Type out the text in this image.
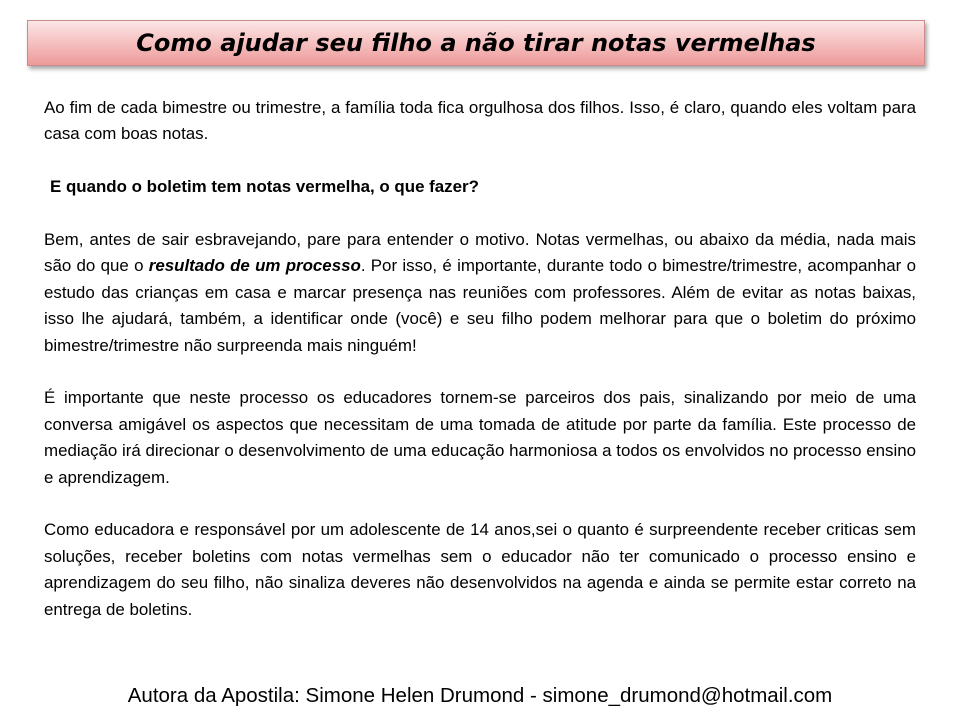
Como ajudar seu filho a não tirar notas vermelhas

Ao fim de cada bimestre ou trimestre, a família toda fica orgulhosa dos filhos. Isso, é claro, quando eles voltam para casa com boas notas.

E quando o boletim tem notas vermelha, o que fazer?

Bem, antes de sair esbravejando, pare para entender o motivo. Notas vermelhas, ou abaixo da média, nada mais são do que o resultado de um processo. Por isso, é importante, durante todo o bimestre/trimestre, acompanhar o estudo das crianças em casa e marcar presença nas reuniões com professores. Além de evitar as notas baixas, isso lhe ajudará, também, a identificar onde (você) e seu filho podem melhorar para que o boletim do próximo bimestre/trimestre não surpreenda mais ninguém!

É importante que neste processo os educadores tornem-se parceiros dos pais, sinalizando por meio de uma conversa amigável os aspectos que necessitam de uma tomada de atitude por parte da família. Este processo de mediação irá direcionar o desenvolvimento de uma educação harmoniosa a todos os envolvidos no processo ensino e aprendizagem.

Como educadora e responsável por um adolescente de 14 anos,sei o quanto é surpreendente receber criticas sem soluções, receber boletins com notas vermelhas sem o educador não ter comunicado o processo ensino e aprendizagem do seu filho, não sinaliza deveres não desenvolvidos na agenda e ainda se permite estar correto na entrega de boletins.

Autora da Apostila: Simone Helen Drumond - simone_drumond@hotmail.com
